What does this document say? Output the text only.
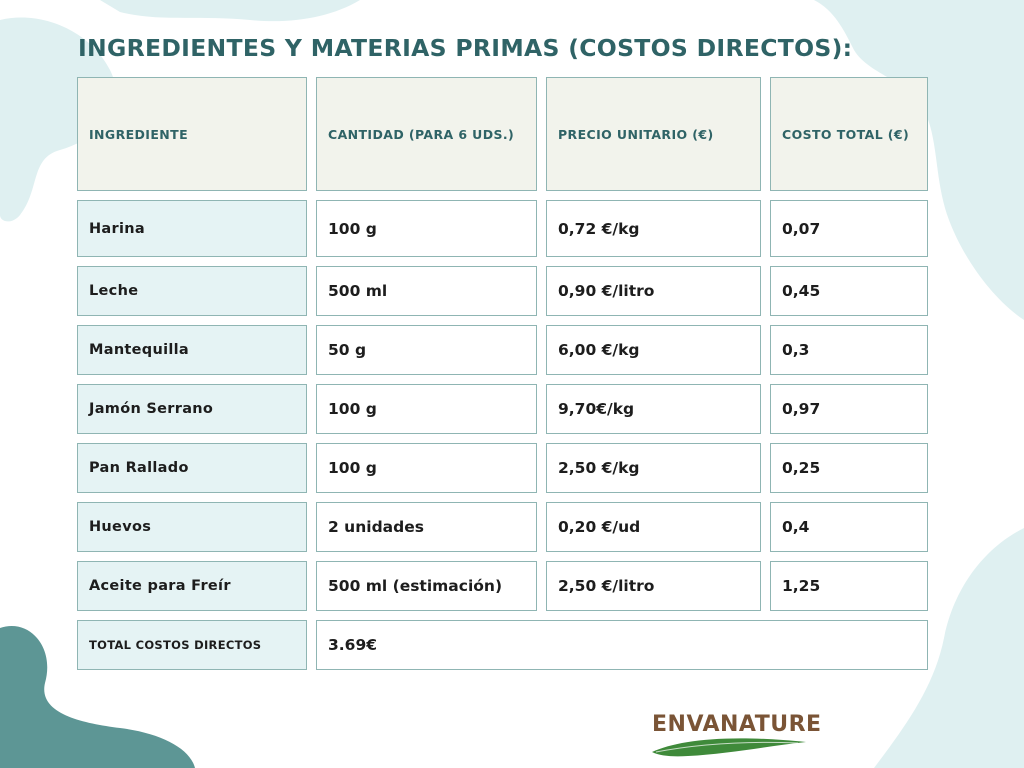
INGREDIENTES Y MATERIAS PRIMAS (COSTOS DIRECTOS):
INGREDIENTE	CANTIDAD (PARA 6 UDS.)	PRECIO UNITARIO (€)	COSTO TOTAL (€)
Harina	100 g	0,72 €/kg	0,07
Leche	500 ml	0,90 €/litro	0,45
Mantequilla	50 g	6,00 €/kg	0,3
Jamón Serrano	100 g	9,70€/kg	0,97
Pan Rallado	100 g	2,50 €/kg	0,25
Huevos	2 unidades	0,20 €/ud	0,4
Aceite para Freír	500 ml (estimación)	2,50 €/litro	1,25
TOTAL COSTOS DIRECTOS	3.69€
ENVANATURE
